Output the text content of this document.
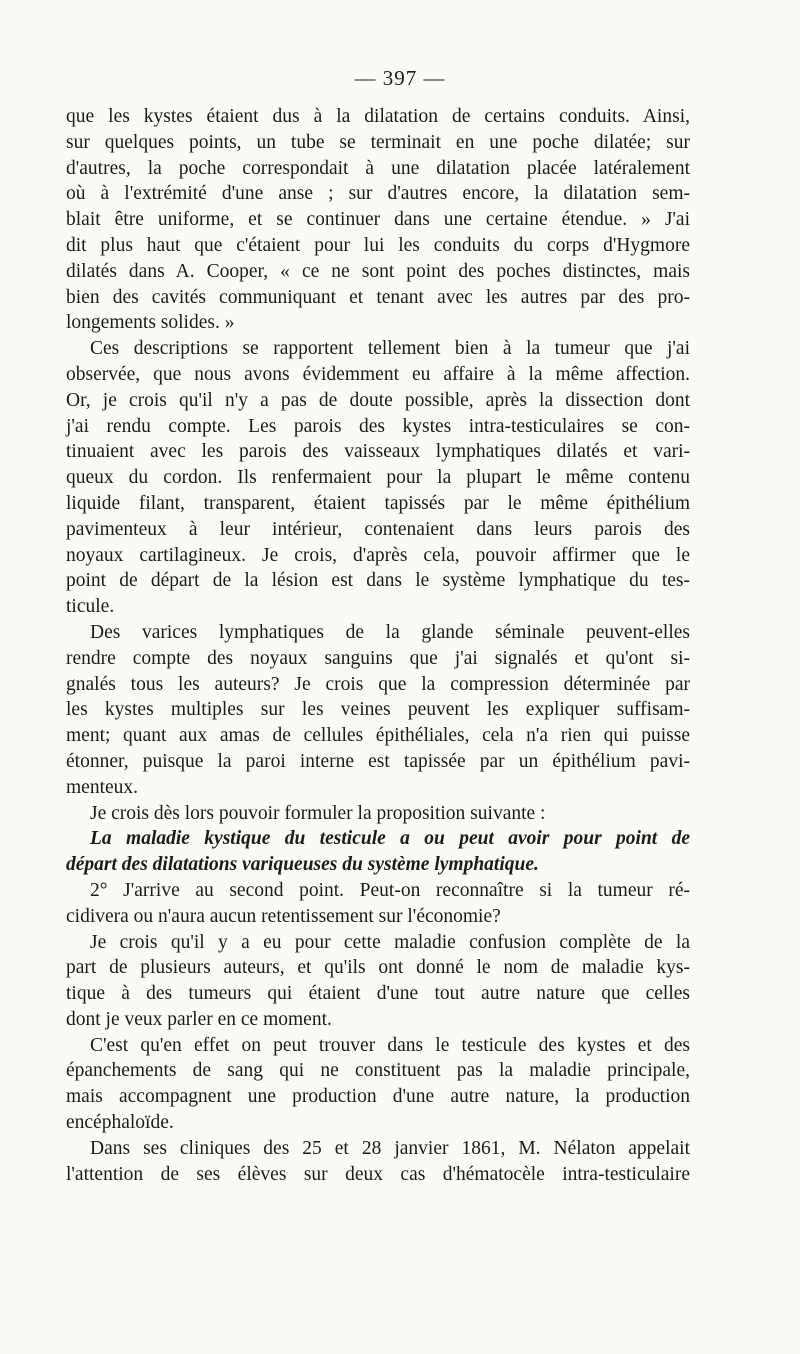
— 397 —
que les kystes étaient dus à la dilatation de certains conduits. Ainsi,
sur quelques points, un tube se terminait en une poche dilatée; sur
d'autres, la poche correspondait à une dilatation placée latéralement
où à l'extrémité d'une anse ; sur d'autres encore, la dilatation sem-
blait être uniforme, et se continuer dans une certaine étendue. » J'ai
dit plus haut que c'étaient pour lui les conduits du corps d'Hygmore
dilatés dans A. Cooper, « ce ne sont point des poches distinctes, mais
bien des cavités communiquant et tenant avec les autres par des pro-
longements solides. »
Ces descriptions se rapportent tellement bien à la tumeur que j'ai
observée, que nous avons évidemment eu affaire à la même affection.
Or, je crois qu'il n'y a pas de doute possible, après la dissection dont
j'ai rendu compte. Les parois des kystes intra-testiculaires se con-
tinuaient avec les parois des vaisseaux lymphatiques dilatés et vari-
queux du cordon. Ils renfermaient pour la plupart le même contenu
liquide filant, transparent, étaient tapissés par le même épithélium
pavimenteux à leur intérieur, contenaient dans leurs parois des
noyaux cartilagineux. Je crois, d'après cela, pouvoir affirmer que le
point de départ de la lésion est dans le système lymphatique du tes-
ticule.
Des varices lymphatiques de la glande séminale peuvent-elles
rendre compte des noyaux sanguins que j'ai signalés et qu'ont si-
gnalés tous les auteurs? Je crois que la compression déterminée par
les kystes multiples sur les veines peuvent les expliquer suffisam-
ment; quant aux amas de cellules épithéliales, cela n'a rien qui puisse
étonner, puisque la paroi interne est tapissée par un épithélium pavi-
menteux.
Je crois dès lors pouvoir formuler la proposition suivante :
La maladie kystique du testicule a ou peut avoir pour point de
départ des dilatations variqueuses du système lymphatique.
2° J'arrive au second point. Peut-on reconnaître si la tumeur ré-
cidivera ou n'aura aucun retentissement sur l'économie?
Je crois qu'il y a eu pour cette maladie confusion complète de la
part de plusieurs auteurs, et qu'ils ont donné le nom de maladie kys-
tique à des tumeurs qui étaient d'une tout autre nature que celles
dont je veux parler en ce moment.
C'est qu'en effet on peut trouver dans le testicule des kystes et des
épanchements de sang qui ne constituent pas la maladie principale,
mais accompagnent une production d'une autre nature, la production
encéphaloïde.
Dans ses cliniques des 25 et 28 janvier 1861, M. Nélaton appelait
l'attention de ses élèves sur deux cas d'hématocèle intra-testiculaire
